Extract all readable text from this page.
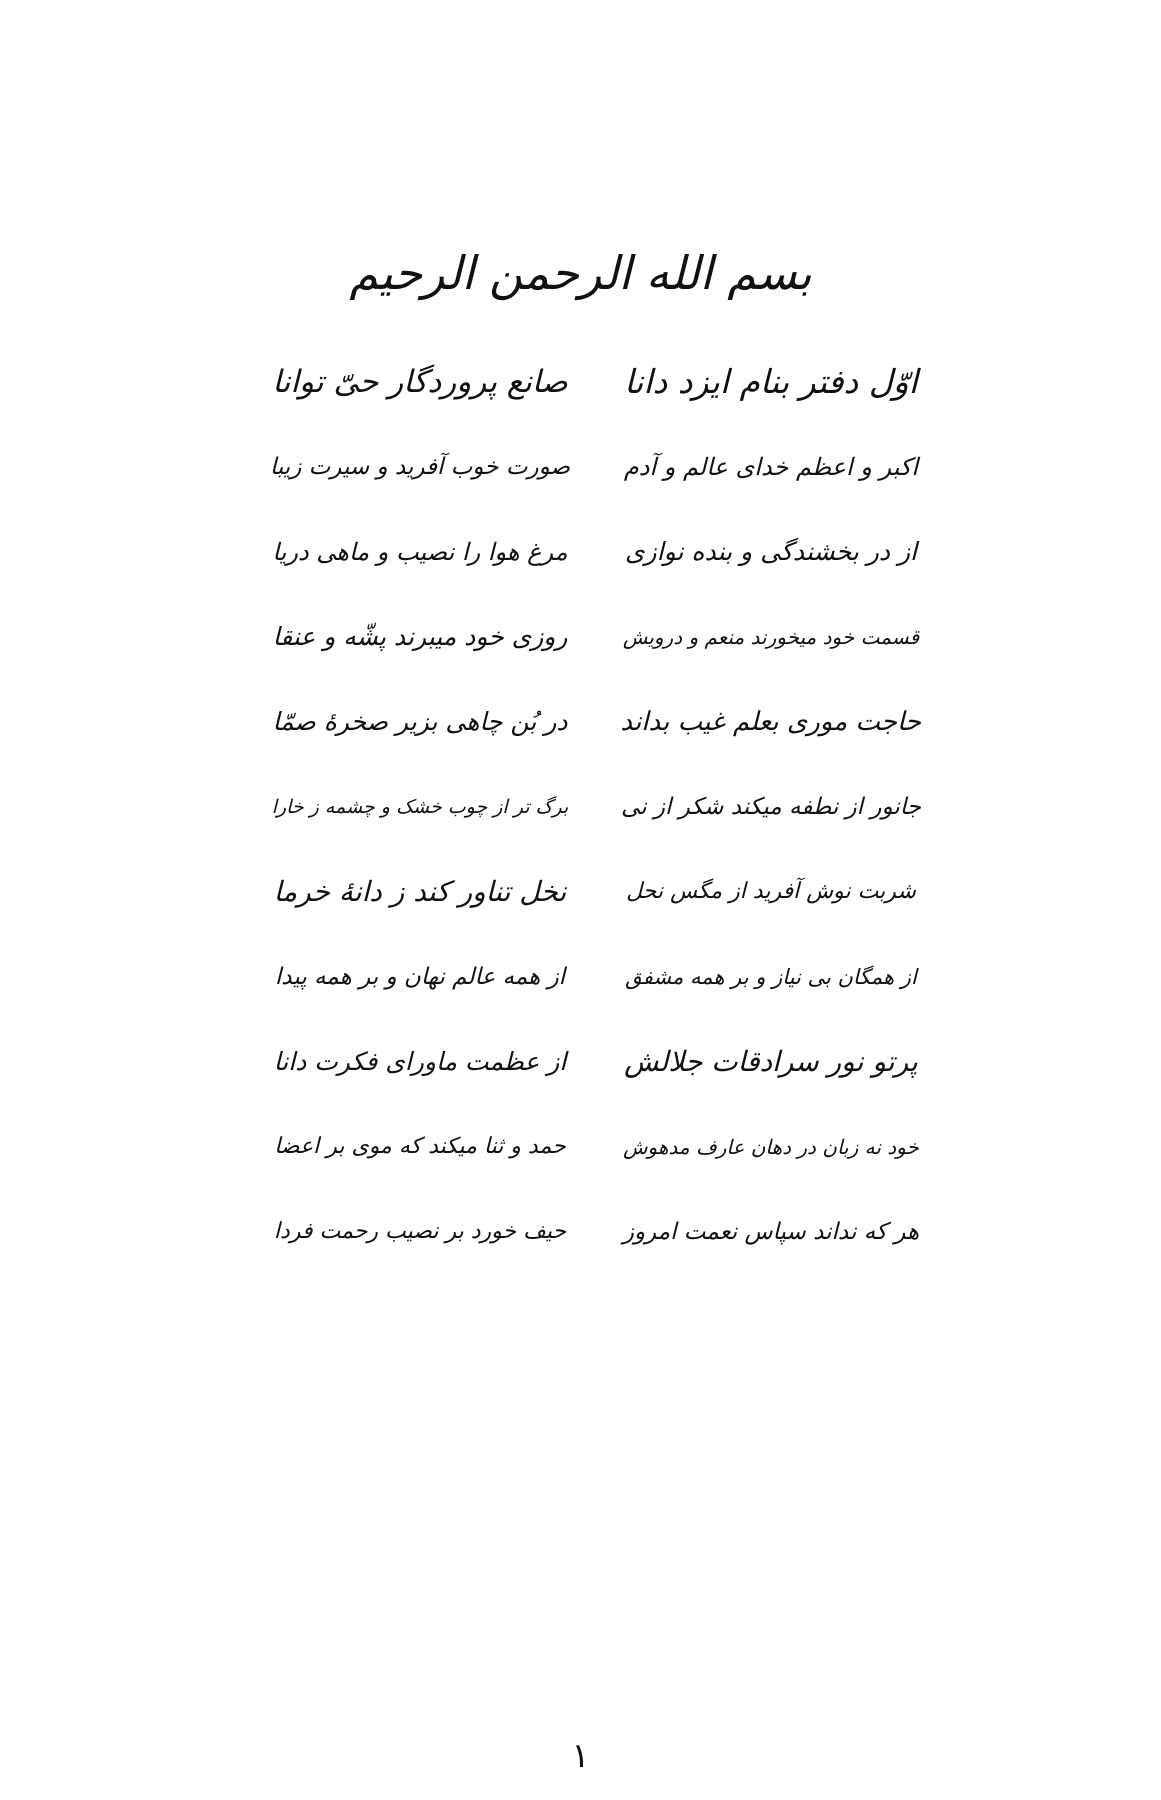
بسم الله الرحمن الرحیم
اوّل دفتر بنام ایزد دانا
صانع پروردگار حیّ توانا
اکبر و اعظم خدای عالم و آدم
صورت خوب آفرید و سیرت زیبا
از در بخشندگی و بنده نوازی
مرغ هوا را نصیب و ماهی دریا
قسمت خود میخورند منعم و درویش
روزی خود میبرند پشّه و عنقا
حاجت موری بعلم غیب بداند
در بُن چاهی بزیر صخرهٔ صمّا
جانور از نطفه میکند شکر از نی
برگ تر از چوب خشک و چشمه ز خارا
شربت نوش آفرید از مگس نحل
نخل تناور کند ز دانهٔ خرما
از همگان بی نیاز و بر همه مشفق
از همه عالم نهان و بر همه پیدا
پرتو نور سرادقات جلالش
از عظمت ماورای فکرت دانا
خود نه زبان در دهان عارف مدهوش
حمد و ثنا میکند که موی بر اعضا
هر که نداند سپاس نعمت امروز
حیف خورد بر نصیب رحمت فردا
١
